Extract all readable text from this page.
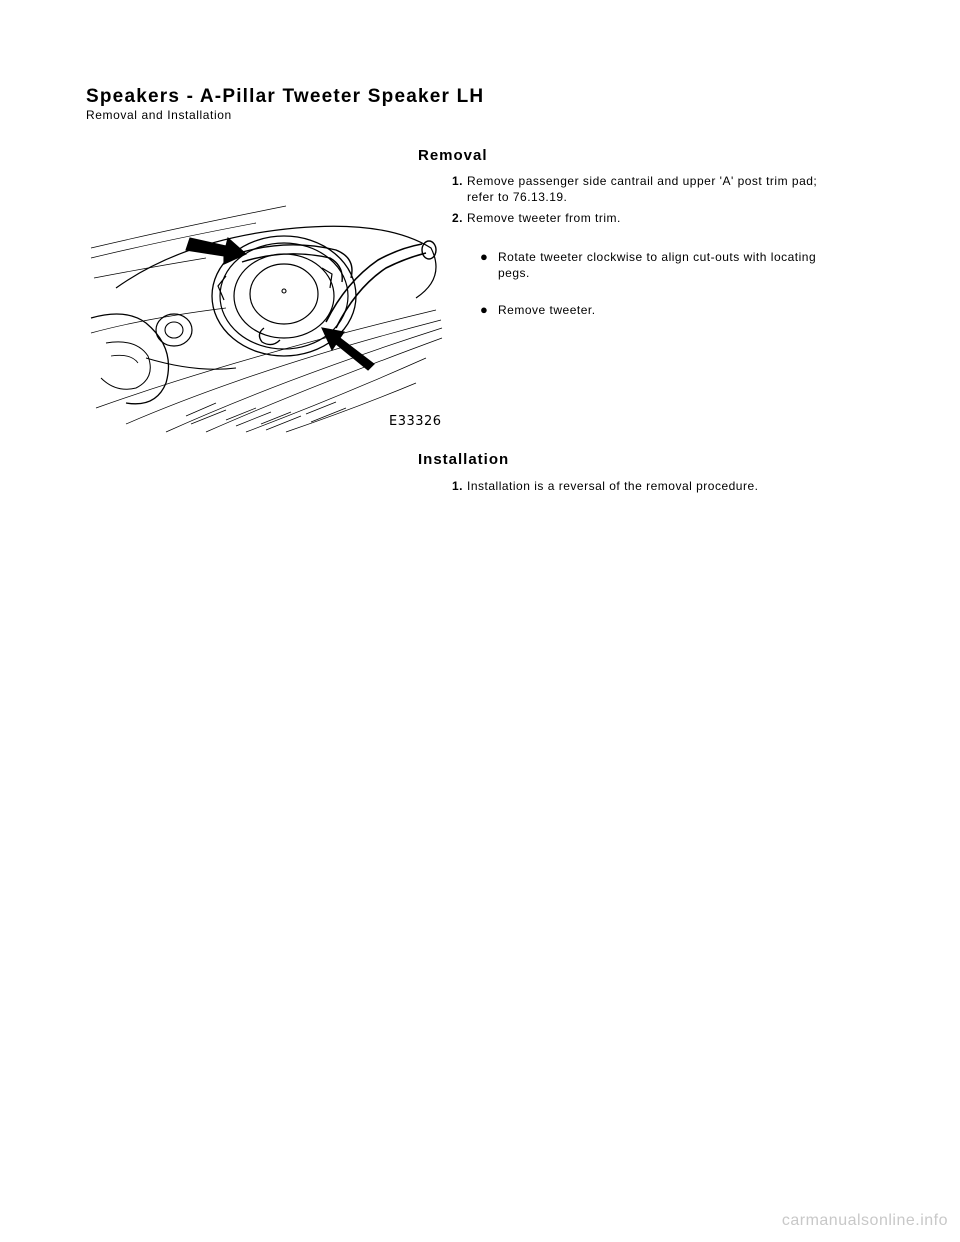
Speakers - A-Pillar Tweeter Speaker LH
Removal and Installation
Removal
1. Remove passenger side cantrail and upper 'A' post trim pad;
refer to 76.13.19.
2. Remove tweeter from trim.
● Rotate tweeter clockwise to align cut-outs with locating
pegs.
● Remove tweeter.
E33326
Installation
1. Installation is a reversal of the removal procedure.
carmanualsonline.info
